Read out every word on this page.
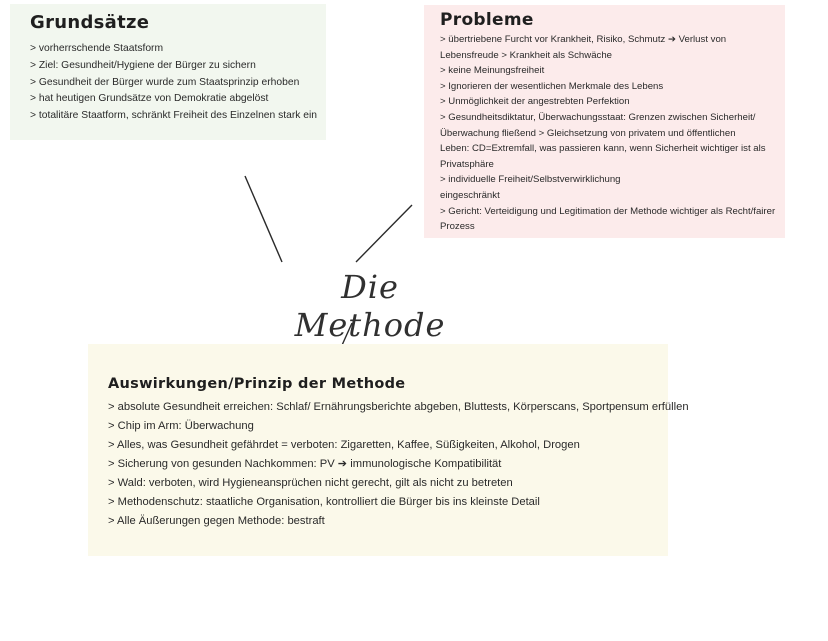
Die Methode
Grundsätze
> vorherrschende Staatsform
> Ziel: Gesundheit/Hygiene der Bürger zu sichern
> Gesundheit der Bürger wurde zum Staatsprinzip erhoben
> hat heutigen Grundsätze von Demokratie abgelöst
> totalitäre Staatform, schränkt Freiheit des Einzelnen stark ein
Probleme
> übertriebene Furcht vor Krankheit, Risiko, Schmutz ➔ Verlust von
Lebensfreude > Krankheit als Schwäche
> keine Meinungsfreiheit
> Ignorieren der wesentlichen Merkmale des Lebens
> Unmöglichkeit der angestrebten Perfektion
> Gesundheitsdiktatur, Überwachungsstaat: Grenzen zwischen Sicherheit/
Überwachung fließend > Gleichsetzung von privatem und öffentlichen
Leben: CD=Extremfall, was passieren kann, wenn Sicherheit wichtiger ist als
Privatsphäre
> individuelle Freiheit/Selbstverwirklichung
eingeschränkt
> Gericht: Verteidigung und Legitimation der Methode wichtiger als Recht/fairer
Prozess
Auswirkungen/Prinzip der Methode
> absolute Gesundheit erreichen: Schlaf/ Ernährungsberichte abgeben, Bluttests, Körperscans, Sportpensum erfüllen
> Chip im Arm: Überwachung
> Alles, was Gesundheit gefährdet = verboten: Zigaretten, Kaffee, Süßigkeiten, Alkohol, Drogen
> Sicherung von gesunden Nachkommen: PV ➔ immunologische Kompatibilität
> Wald: verboten, wird Hygieneansprüchen nicht gerecht, gilt als nicht zu betreten
> Methodenschutz: staatliche Organisation, kontrolliert die Bürger bis ins kleinste Detail
> Alle Äußerungen gegen Methode: bestraft
